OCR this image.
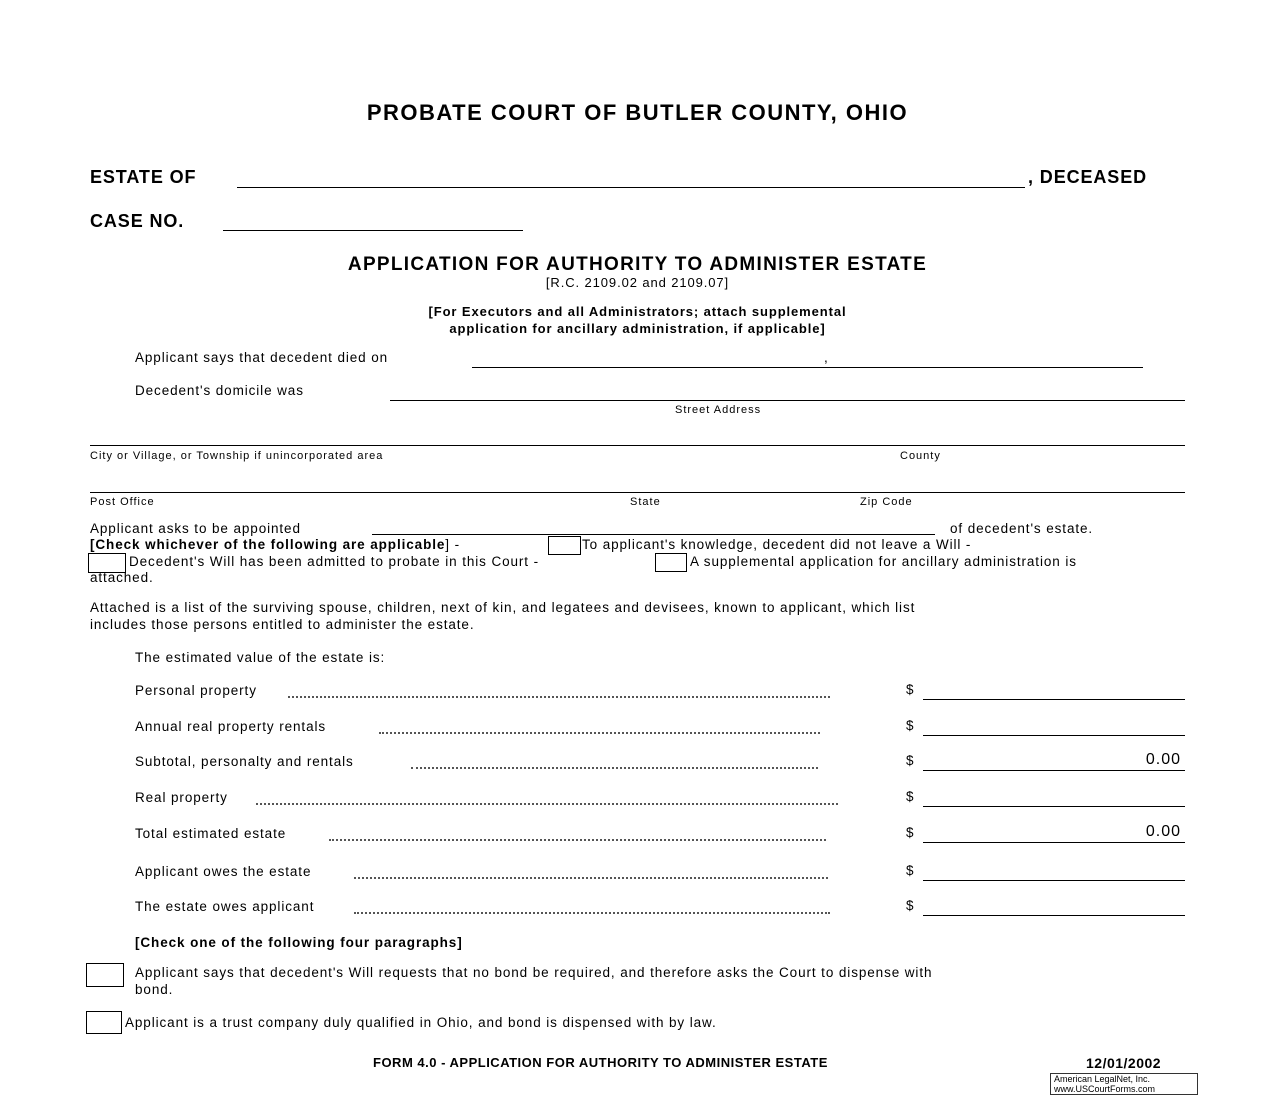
PROBATE COURT OF BUTLER COUNTY, OHIO
ESTATE OF	, DECEASED
CASE NO.
APPLICATION FOR AUTHORITY TO ADMINISTER ESTATE
[R.C. 2109.02 and 2109.07]
[For Executors and all Administrators; attach supplemental
application for ancillary administration, if applicable]
Applicant says that decedent died on	,
Decedent's domicile was
Street Address
City or Village, or Township if unincorporated area	County
Post Office	State	Zip Code
Applicant asks to be appointed	of decedent's estate.
[Check whichever of the following are applicable] -	To applicant's knowledge, decedent did not leave a Will -
Decedent's Will has been admitted to probate in this Court -	A supplemental application for ancillary administration is
attached.
Attached is a list of the surviving spouse, children, next of kin, and legatees and devisees, known to applicant, which list
includes those persons entitled to administer the estate.
The estimated value of the estate is:
Personal property	$
Annual real property rentals	$
Subtotal, personalty and rentals	$	0.00
Real property	$
Total estimated estate	$	0.00
Applicant owes the estate	$
The estate owes applicant	$
[Check one of the following four paragraphs]
Applicant says that decedent's Will requests that no bond be required, and therefore asks the Court to dispense with
bond.
Applicant is a trust company duly qualified in Ohio, and bond is dispensed with by law.
FORM 4.0 - APPLICATION FOR AUTHORITY TO ADMINISTER ESTATE	12/01/2002
American LegalNet, Inc.
www.USCourtForms.com
